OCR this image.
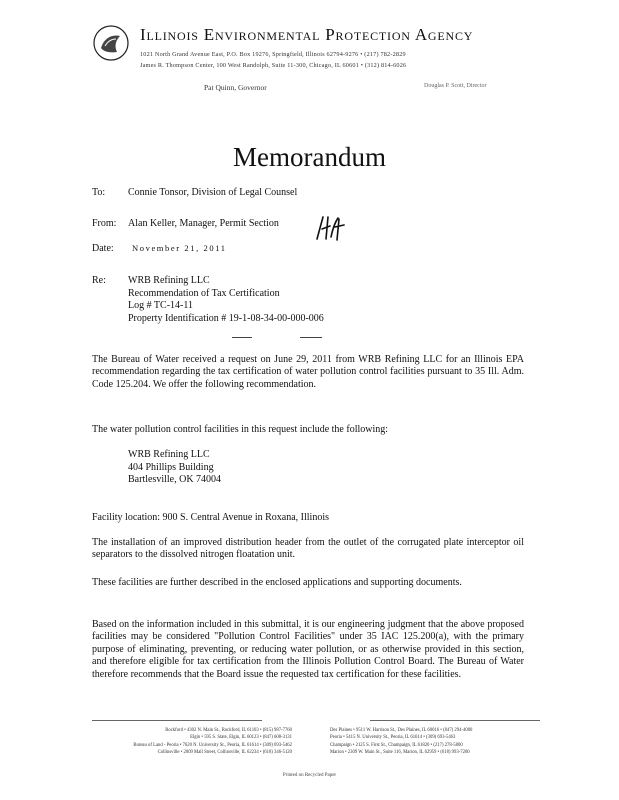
Illinois Environmental Protection Agency
1021 North Grand Avenue East, P.O. Box 19276, Springfield, Illinois 62794-9276 • (217) 782-2829
James R. Thompson Center, 100 West Randolph, Suite 11-300, Chicago, IL 60601 • (312) 814-6026
Pat Quinn, Governor	Douglas P. Scott, Director
Memorandum
To: Connie Tonsor, Division of Legal Counsel
From: Alan Keller, Manager, Permit Section
Date: November 21, 2011
Re: WRB Refining LLC
Recommendation of Tax Certification
Log # TC-14-11
Property Identification # 19-1-08-34-00-000-006

The Bureau of Water received a request on June 29, 2011 from WRB Refining LLC for an Illinois EPA recommendation regarding the tax certification of water pollution control facilities pursuant to 35 Ill. Adm. Code 125.204. We offer the following recommendation.

The water pollution control facilities in this request include the following:

WRB Refining LLC
404 Phillips Building
Bartlesville, OK 74004

Facility location: 900 S. Central Avenue in Roxana, Illinois

The installation of an improved distribution header from the outlet of the corrugated plate interceptor oil separators to the dissolved nitrogen floatation unit.

These facilities are further described in the enclosed applications and supporting documents.

Based on the information included in this submittal, it is our engineering judgment that the above proposed facilities may be considered "Pollution Control Facilities" under 35 IAC 125.200(a), with the primary purpose of eliminating, preventing, or reducing water pollution, or as otherwise provided in this section, and therefore eligible for tax certification from the Illinois Pollution Control Board. The Bureau of Water therefore recommends that the Board issue the requested tax certification for these facilities.

Rockford • 4302 N. Main St., Rockford, IL 61103 • (815) 987-7760
Elgin • 595 S. State, Elgin, IL 60123 • (847) 608-3131
Bureau of Land - Peoria • 7620 N. University St., Peoria, IL 61614 • (309) 693-5462
Collinsville • 2009 Mall Street, Collinsville, IL 62234 • (618) 346-5120
Des Plaines • 9511 W. Harrison St., Des Plaines, IL 60016 • (847) 294-4000
Peoria • 5415 N. University St., Peoria, IL 61614 • (309) 693-5463
Champaign • 2125 S. First St., Champaign, IL 61820 • (217) 278-5800
Marion • 2309 W. Main St., Suite 116, Marion, IL 62959 • (618) 993-7200
Printed on Recycled Paper
